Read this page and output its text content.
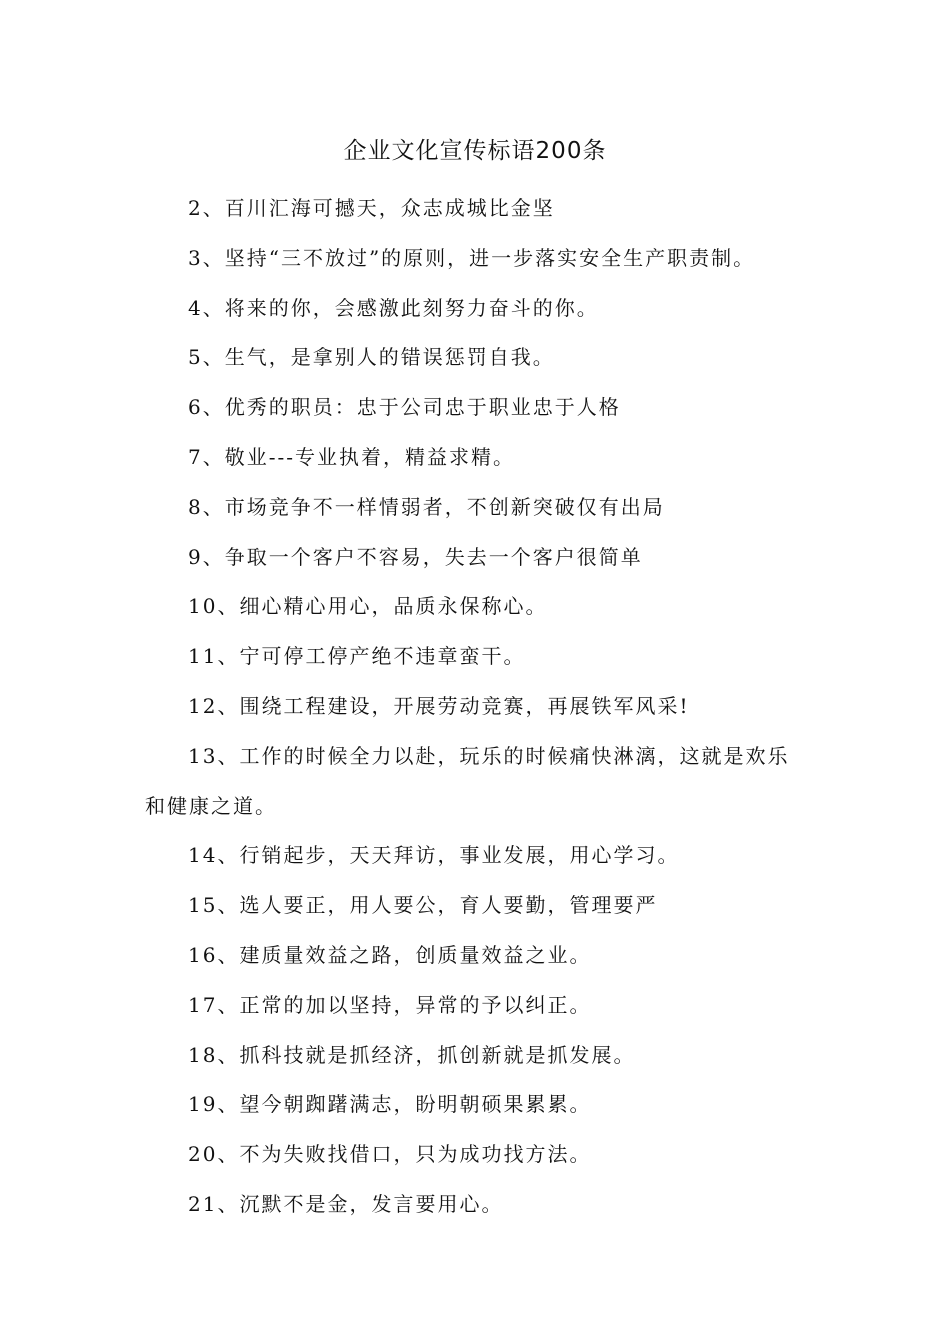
企业文化宣传标语200条
2、百川汇海可撼天，众志成城比金坚
3、坚持“三不放过”的原则，进一步落实安全生产职责制。
4、将来的你，会感激此刻努力奋斗的你。
5、生气，是拿别人的错误惩罚自我。
6、优秀的职员：忠于公司忠于职业忠于人格
7、敬业---专业执着，精益求精。
8、市场竞争不一样情弱者，不创新突破仅有出局
9、争取一个客户不容易，失去一个客户很简单
10、细心精心用心，品质永保称心。
11、宁可停工停产绝不违章蛮干。
12、围绕工程建设，开展劳动竞赛，再展铁军风采!
13、工作的时候全力以赴，玩乐的时候痛快淋漓，这就是欢乐和健康之道。
14、行销起步，天天拜访，事业发展，用心学习。
15、选人要正，用人要公，育人要勤，管理要严
16、建质量效益之路，创质量效益之业。
17、正常的加以坚持，异常的予以纠正。
18、抓科技就是抓经济，抓创新就是抓发展。
19、望今朝踟躇满志，盼明朝硕果累累。
20、不为失败找借口，只为成功找方法。
21、沉默不是金，发言要用心。
